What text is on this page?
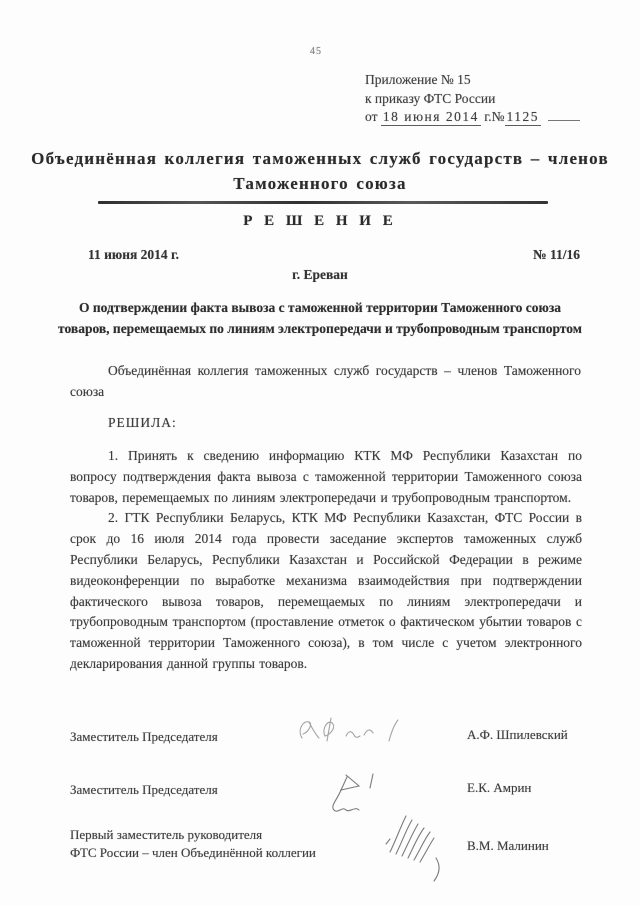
45
Приложение № 15
к приказу ФТС России
от 18 июня 2014 г.№ 1125
Объединённая коллегия таможенных служб государств – членов Таможенного союза
Р Е Ш Е Н И Е
11 июня 2014 г.	№ 11/16
г. Ереван
О подтверждении факта вывоза с таможенной территории Таможенного союза товаров, перемещаемых по линиям электропередачи и трубопроводным транспортом
Объединённая коллегия таможенных служб государств – членов Таможенного союза
РЕШИЛА:

1. Принять к сведению информацию КТК МФ Республики Казахстан по вопросу подтверждения факта вывоза с таможенной территории Таможенного союза товаров, перемещаемых по линиям электропередачи и трубопроводным транспортом.

2. ГТК Республики Беларусь, КТК МФ Республики Казахстан, ФТС России в срок до 16 июля 2014 года провести заседание экспертов таможенных служб Республики Беларусь, Республики Казахстан и Российской Федерации в режиме видеоконференции по выработке механизма взаимодействия при подтверждении фактического вывоза товаров, перемещаемых по линиям электропередачи и трубопроводным транспортом (проставление отметок о фактическом убытии товаров с таможенной территории Таможенного союза), в том числе с учетом электронного декларирования данной группы товаров.

Заместитель Председателя	А.Ф. Шпилевский
Заместитель Председателя	Е.К. Амрин
Первый заместитель руководителя
ФТС России – член Объединённой коллегии	В.М. Малинин
